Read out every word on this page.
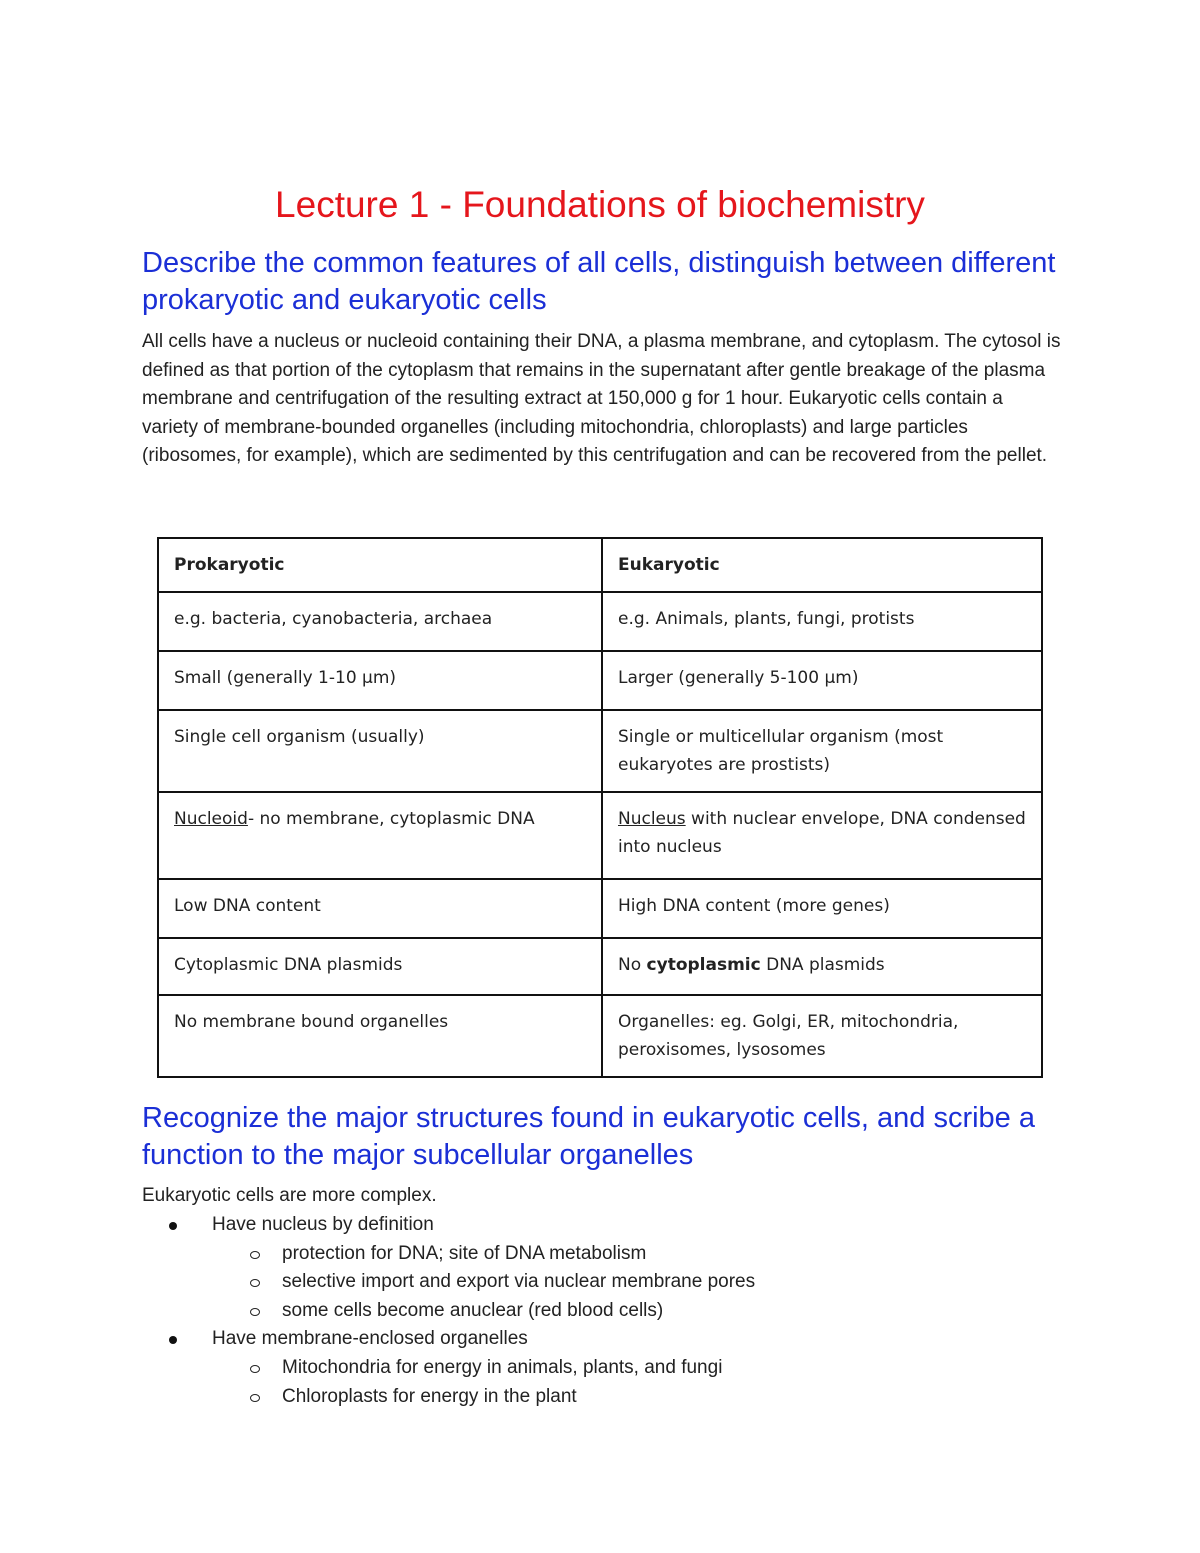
Lecture 1 - Foundations of biochemistry
Describe the common features of all cells, distinguish between different prokaryotic and eukaryotic cells

All cells have a nucleus or nucleoid containing their DNA, a plasma membrane, and cytoplasm. The cytosol is defined as that portion of the cytoplasm that remains in the supernatant after gentle breakage of the plasma membrane and centrifugation of the resulting extract at 150,000 g for 1 hour. Eukaryotic cells contain a variety of membrane-bounded organelles (including mitochondria, chloroplasts) and large particles (ribosomes, for example), which are sedimented by this centrifugation and can be recovered from the pellet.

Prokaryotic	Eukaryotic
e.g. bacteria, cyanobacteria, archaea	e.g. Animals, plants, fungi, protists
Small (generally 1-10 μm)	Larger (generally 5-100 μm)
Single cell organism (usually)	Single or multicellular organism (most eukaryotes are prostists)
Nucleoid- no membrane, cytoplasmic DNA	Nucleus with nuclear envelope, DNA condensed into nucleus
Low DNA content	High DNA content (more genes)
Cytoplasmic DNA plasmids	No cytoplasmic DNA plasmids
No membrane bound organelles	Organelles: eg. Golgi, ER, mitochondria, peroxisomes, lysosomes
Recognize the major structures found in eukaryotic cells, and scribe a function to the major subcellular organelles

Eukaryotic cells are more complex.

Have nucleus by definition
protection for DNA; site of DNA metabolism
selective import and export via nuclear membrane pores
some cells become anuclear (red blood cells)
Have membrane-enclosed organelles
Mitochondria for energy in animals, plants, and fungi
Chloroplasts for energy in the plant
